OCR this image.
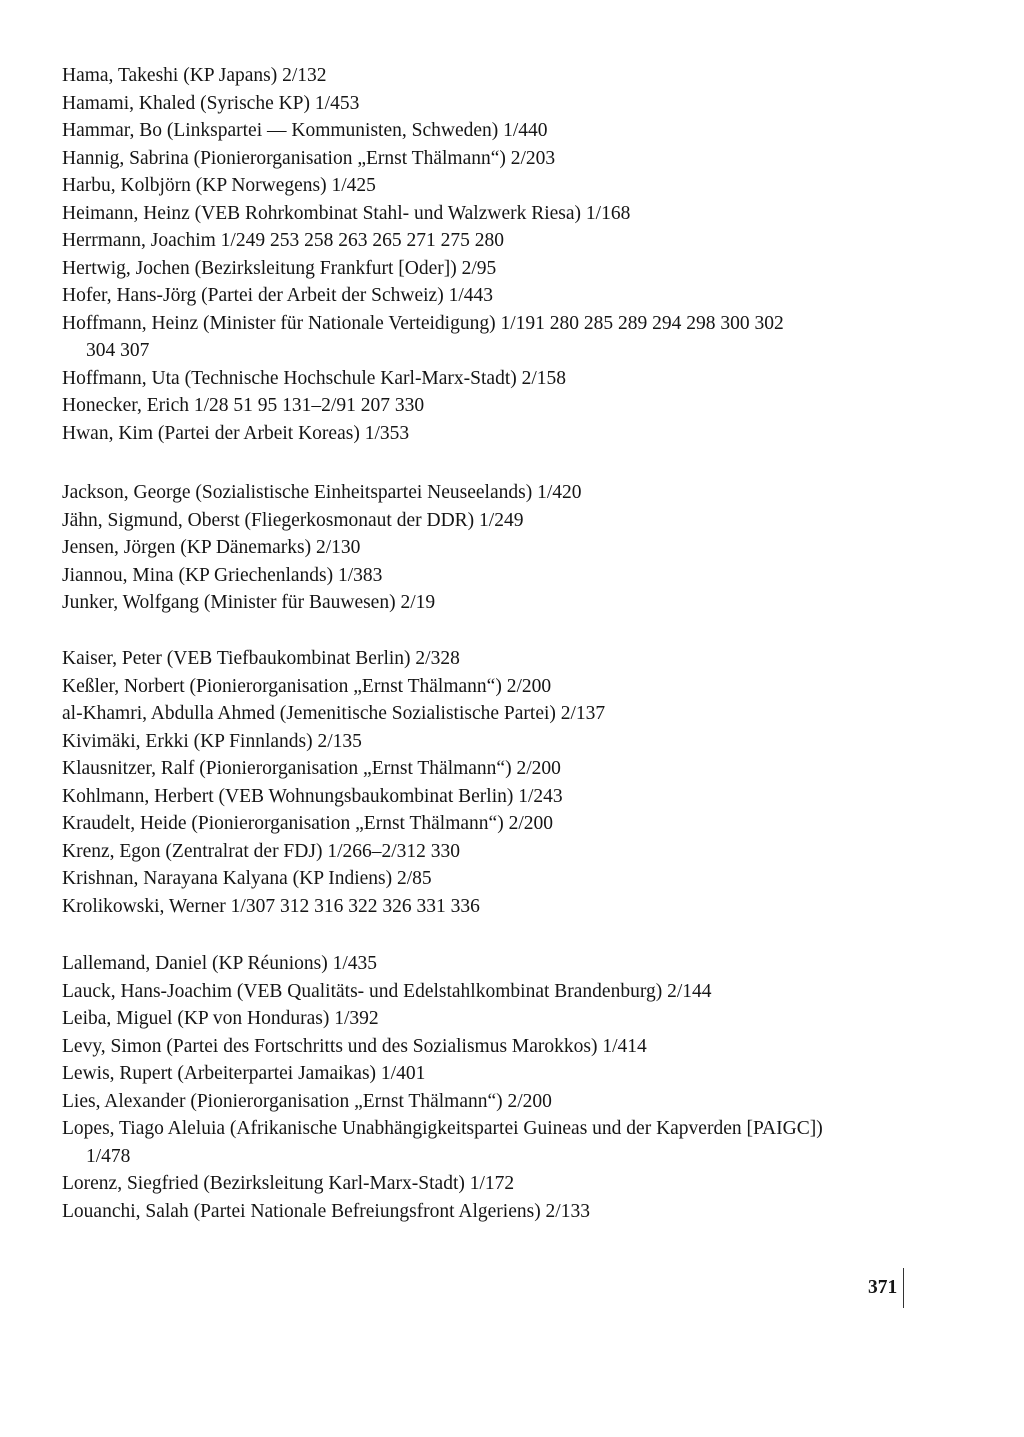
Hama, Takeshi (KP Japans) 2/132
Hamami, Khaled (Syrische KP) 1/453
Hammar, Bo (Linkspartei — Kommunisten, Schweden) 1/440
Hannig, Sabrina (Pionierorganisation „Ernst Thälmann“) 2/203
Harbu, Kolbjörn (KP Norwegens) 1/425
Heimann, Heinz (VEB Rohrkombinat Stahl- und Walzwerk Riesa) 1/168
Herrmann, Joachim 1/249 253 258 263 265 271 275 280
Hertwig, Jochen (Bezirksleitung Frankfurt [Oder]) 2/95
Hofer, Hans-Jörg (Partei der Arbeit der Schweiz) 1/443
Hoffmann, Heinz (Minister für Nationale Verteidigung) 1/191 280 285 289 294 298 300 302
304 307
Hoffmann, Uta (Technische Hochschule Karl-Marx-Stadt) 2/158
Honecker, Erich 1/28 51 95 131–2/91 207 330
Hwan, Kim (Partei der Arbeit Koreas) 1/353
Jackson, George (Sozialistische Einheitspartei Neuseelands) 1/420
Jähn, Sigmund, Oberst (Fliegerkosmonaut der DDR) 1/249
Jensen, Jörgen (KP Dänemarks) 2/130
Jiannou, Mina (KP Griechenlands) 1/383
Junker, Wolfgang (Minister für Bauwesen) 2/19
Kaiser, Peter (VEB Tiefbaukombinat Berlin) 2/328
Keßler, Norbert (Pionierorganisation „Ernst Thälmann“) 2/200
al-Khamri, Abdulla Ahmed (Jemenitische Sozialistische Partei) 2/137
Kivimäki, Erkki (KP Finnlands) 2/135
Klausnitzer, Ralf (Pionierorganisation „Ernst Thälmann“) 2/200
Kohlmann, Herbert (VEB Wohnungsbaukombinat Berlin) 1/243
Kraudelt, Heide (Pionierorganisation „Ernst Thälmann“) 2/200
Krenz, Egon (Zentralrat der FDJ) 1/266–2/312 330
Krishnan, Narayana Kalyana (KP Indiens) 2/85
Krolikowski, Werner 1/307 312 316 322 326 331 336
Lallemand, Daniel (KP Réunions) 1/435
Lauck, Hans-Joachim (VEB Qualitäts- und Edelstahlkombinat Brandenburg) 2/144
Leiba, Miguel (KP von Honduras) 1/392
Levy, Simon (Partei des Fortschritts und des Sozialismus Marokkos) 1/414
Lewis, Rupert (Arbeiterpartei Jamaikas) 1/401
Lies, Alexander (Pionierorganisation „Ernst Thälmann“) 2/200
Lopes, Tiago Aleluia (Afrikanische Unabhängigkeitspartei Guineas und der Kapverden [PAIGC])
1/478
Lorenz, Siegfried (Bezirksleitung Karl-Marx-Stadt) 1/172
Louanchi, Salah (Partei Nationale Befreiungsfront Algeriens) 2/133
371
